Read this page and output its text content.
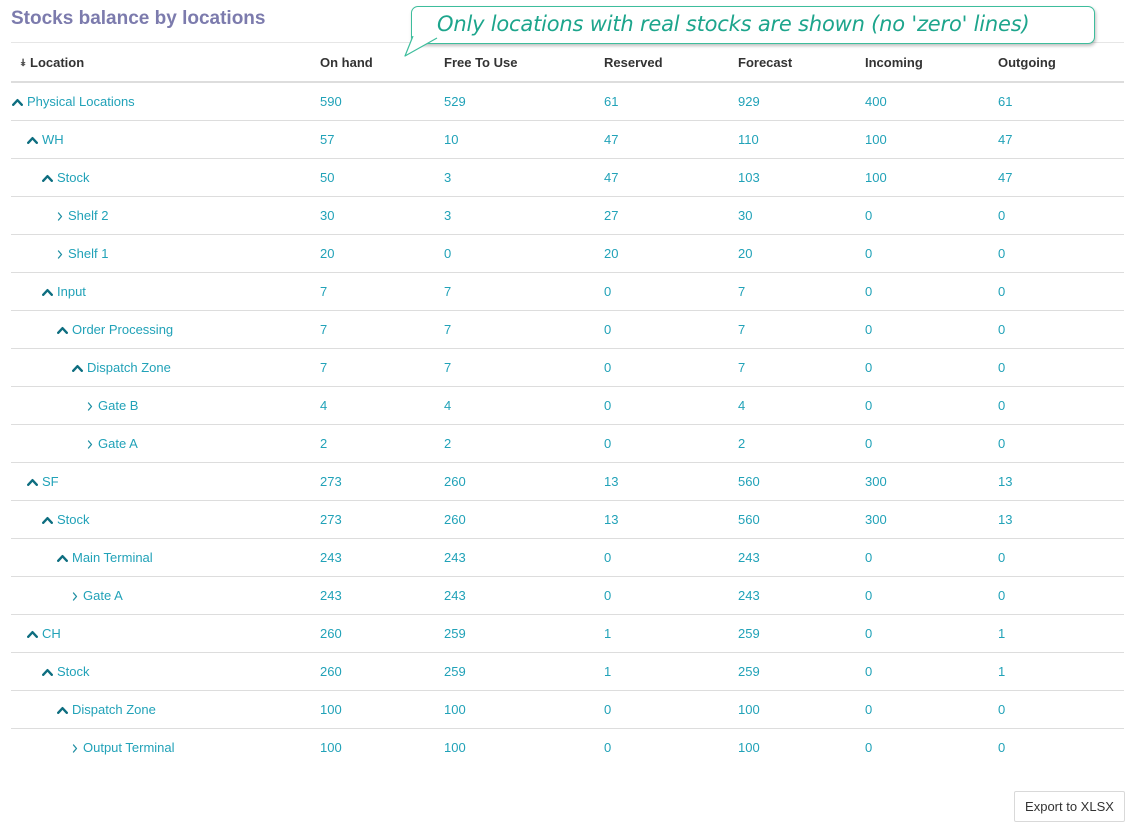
Stocks balance by locations	Only locations with real stocks are shown (no 'zero' lines)
⯯ Location	On hand	Free To Use	Reserved	Forecast	Incoming	Outgoing

Physical Locations	590	529	61	929	400	61

WH	57	10	47	110	100	47

Stock	50	3	47	103	100	47

Shelf 2	30	3	27	30	0	0

Shelf 1	20	0	20	20	0	0

Input	7	7	0	7	0	0

Order Processing	7	7	0	7	0	0

Dispatch Zone	7	7	0	7	0	0

Gate B	4	4	0	4	0	0

Gate A	2	2	0	2	0	0

SF	273	260	13	560	300	13

Stock	273	260	13	560	300	13

Main Terminal	243	243	0	243	0	0

Gate A	243	243	0	243	0	0

CH	260	259	1	259	0	1

Stock	260	259	1	259	0	1

Dispatch Zone	100	100	0	100	0	0

Output Terminal	100	100	0	100	0	0
Export to XLSX
